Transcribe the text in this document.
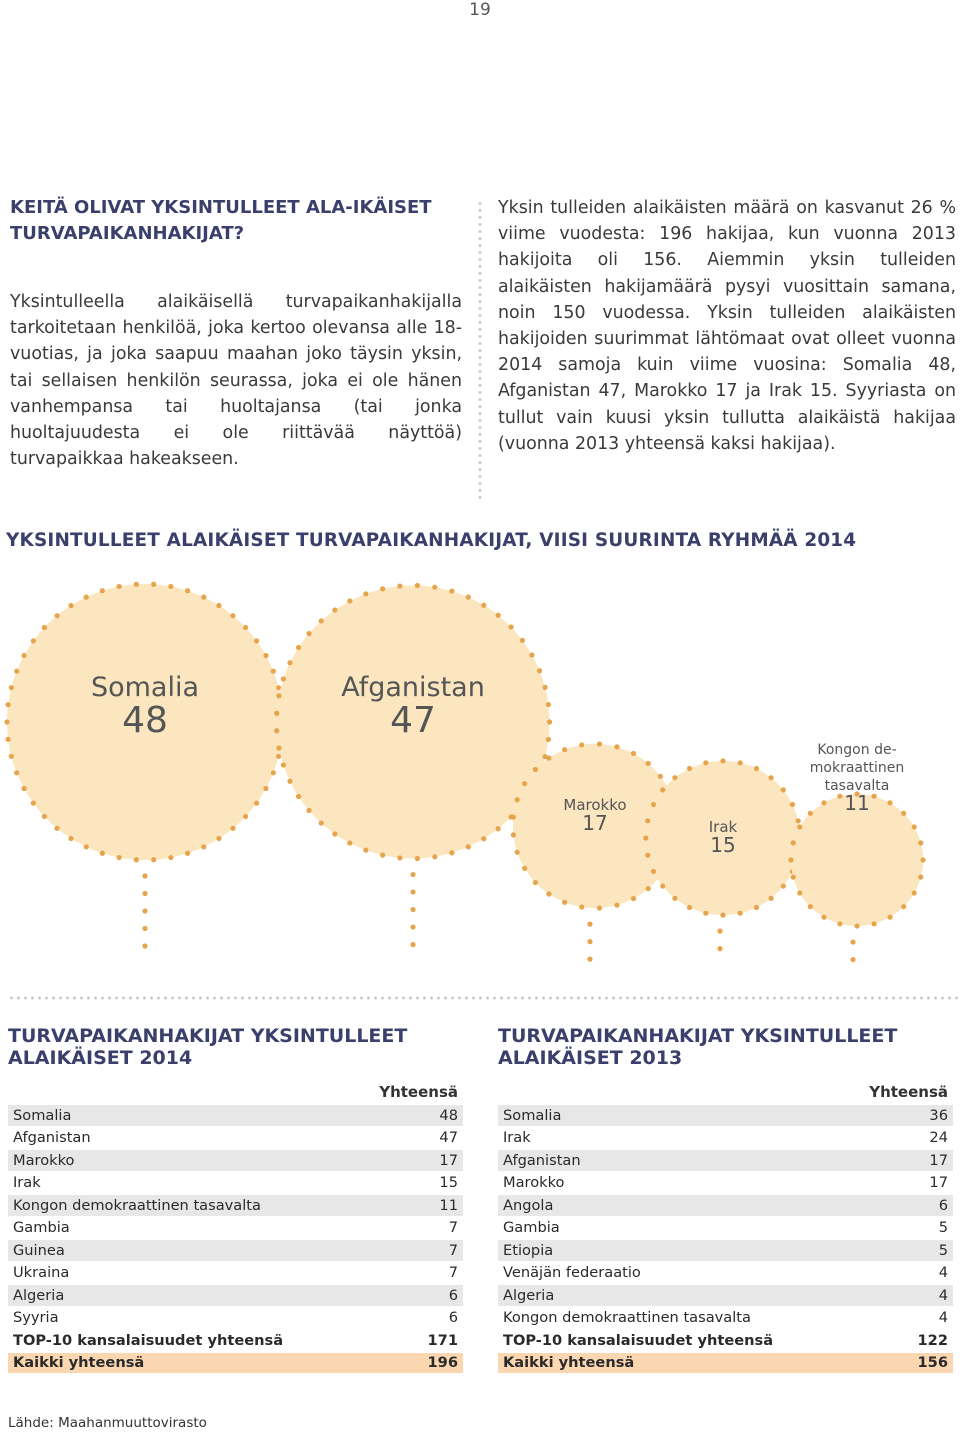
19
KEITÄ OLIVAT YKSINTULLEET ALA-IKÄISET TURVAPAIKANHAKIJAT?
Yksintulleella alaikäisellä turvapaikanhakijalla tarkoitetaan henkilöä, joka kertoo olevansa alle 18-vuotias, ja joka saapuu maahan joko täysin yksin, tai sellaisen henkilön seurassa, joka ei ole hänen vanhempansa tai huoltajansa (tai jonka huoltajuudesta ei ole riittävää näyttöä) turvapaikkaa hakeakseen.
Yksin tulleiden alaikäisten määrä on kasvanut 26 % viime vuodesta: 196 hakijaa, kun vuonna 2013 hakijoita oli 156. Aiemmin yksin tulleiden alaikäisten hakijamäärä pysyi vuosittain samana, noin 150 vuodessa. Yksin tulleiden alaikäisten hakijoiden suurimmat lähtömaat ovat olleet vuonna 2014 samoja kuin viime vuosina: Somalia 48, Afganistan 47, Marokko 17 ja Irak 15. Syyriasta on tullut vain kuusi yksin tullutta alaikäistä hakijaa (vuonna 2013 yhteensä kaksi hakijaa).
YKSINTULLEET ALAIKÄISET TURVAPAIKANHAKIJAT, VIISI SUURINTA RYHMÄÄ 2014
Somalia
48
Afganistan
47
Marokko
17	Irak
15
Kongon de-
mokraattinen
tasavalta
11
TURVAPAIKANHAKIJAT YKSINTULLEET
ALAIKÄISET 2014
Yhteensä
Somalia	48
Afganistan	47
Marokko	17
Irak	15
Kongon demokraattinen tasavalta	11
Gambia	7
Guinea	7
Ukraina	7
Algeria	6
Syyria	6
TOP-10 kansalaisuudet yhteensä	171
Kaikki yhteensä	196
TURVAPAIKANHAKIJAT YKSINTULLEET
ALAIKÄISET 2013
Yhteensä
Somalia	36
Irak	24
Afganistan	17
Marokko	17
Angola	6
Gambia	5
Etiopia	5
Venäjän federaatio	4
Algeria	4
Kongon demokraattinen tasavalta	4
TOP-10 kansalaisuudet yhteensä	122
Kaikki yhteensä	156
Lähde: Maahanmuuttovirasto
